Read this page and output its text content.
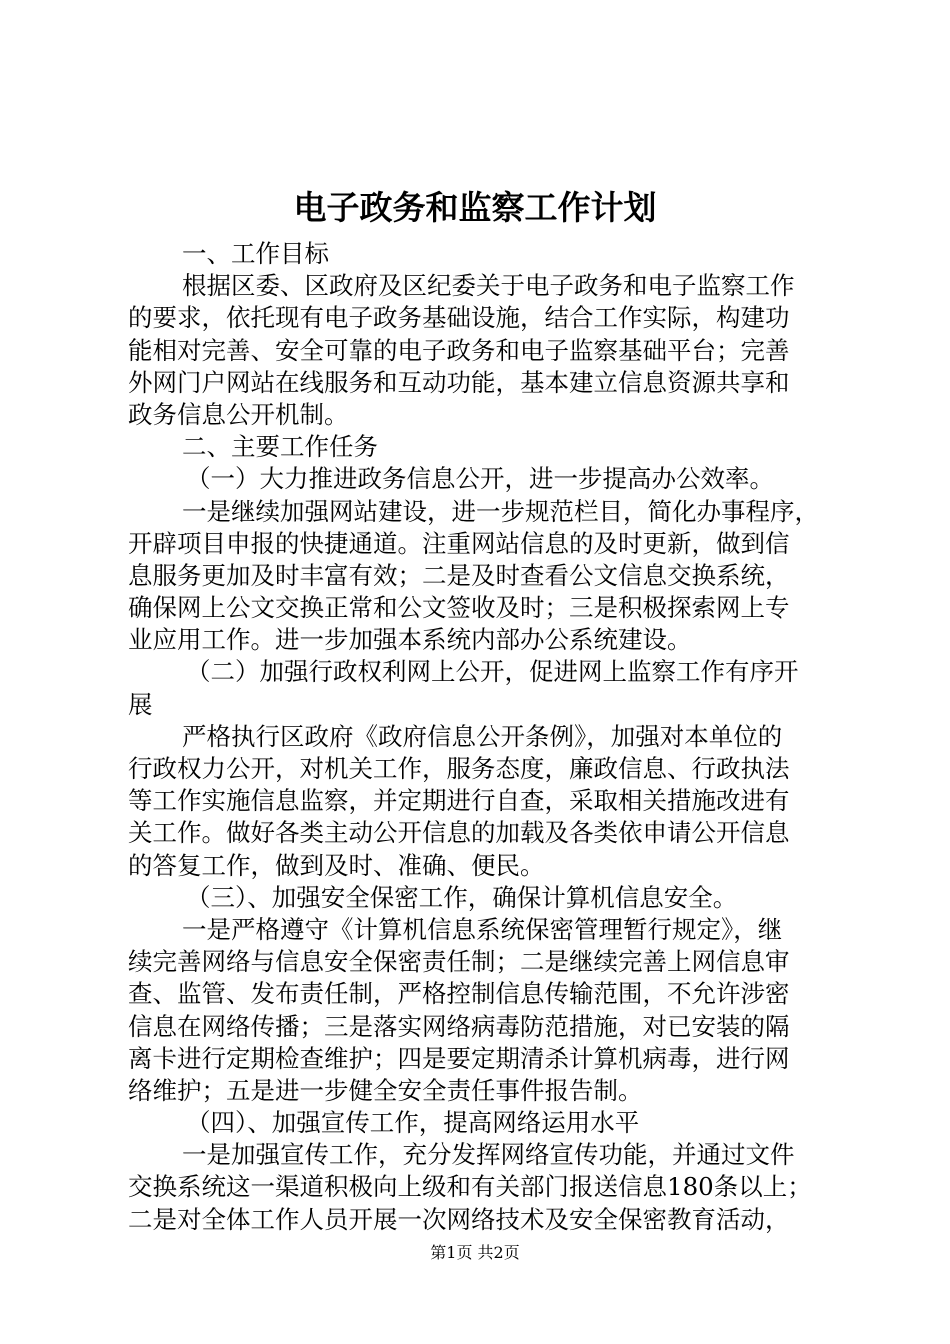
电子政务和监察工作计划
一、工作目标
根据区委、区政府及区纪委关于电子政务和电子监察工作
的要求，依托现有电子政务基础设施，结合工作实际，构建功
能相对完善、安全可靠的电子政务和电子监察基础平台；完善
外网门户网站在线服务和互动功能，基本建立信息资源共享和
政务信息公开机制。
二、主要工作任务
（一）大力推进政务信息公开，进一步提高办公效率。
一是继续加强网站建设，进一步规范栏目，简化办事程序，
开辟项目申报的快捷通道。注重网站信息的及时更新，做到信
息服务更加及时丰富有效；二是及时查看公文信息交换系统，
确保网上公文交换正常和公文签收及时；三是积极探索网上专
业应用工作。进一步加强本系统内部办公系统建设。
（二）加强行政权利网上公开，促进网上监察工作有序开
展
严格执行区政府《政府信息公开条例》，加强对本单位的
行政权力公开，对机关工作，服务态度，廉政信息、行政执法
等工作实施信息监察，并定期进行自查，采取相关措施改进有
关工作。做好各类主动公开信息的加载及各类依申请公开信息
的答复工作，做到及时、准确、便民。
（三）、加强安全保密工作，确保计算机信息安全。
一是严格遵守《计算机信息系统保密管理暂行规定》，继
续完善网络与信息安全保密责任制；二是继续完善上网信息审
查、监管、发布责任制，严格控制信息传输范围，不允许涉密
信息在网络传播；三是落实网络病毒防范措施，对已安装的隔
离卡进行定期检查维护；四是要定期清杀计算机病毒，进行网
络维护；五是进一步健全安全责任事件报告制。
（四）、加强宣传工作，提高网络运用水平
一是加强宣传工作，充分发挥网络宣传功能，并通过文件
交换系统这一渠道积极向上级和有关部门报送信息180条以上；
二是对全体工作人员开展一次网络技术及安全保密教育活动，
第1页 共2页
